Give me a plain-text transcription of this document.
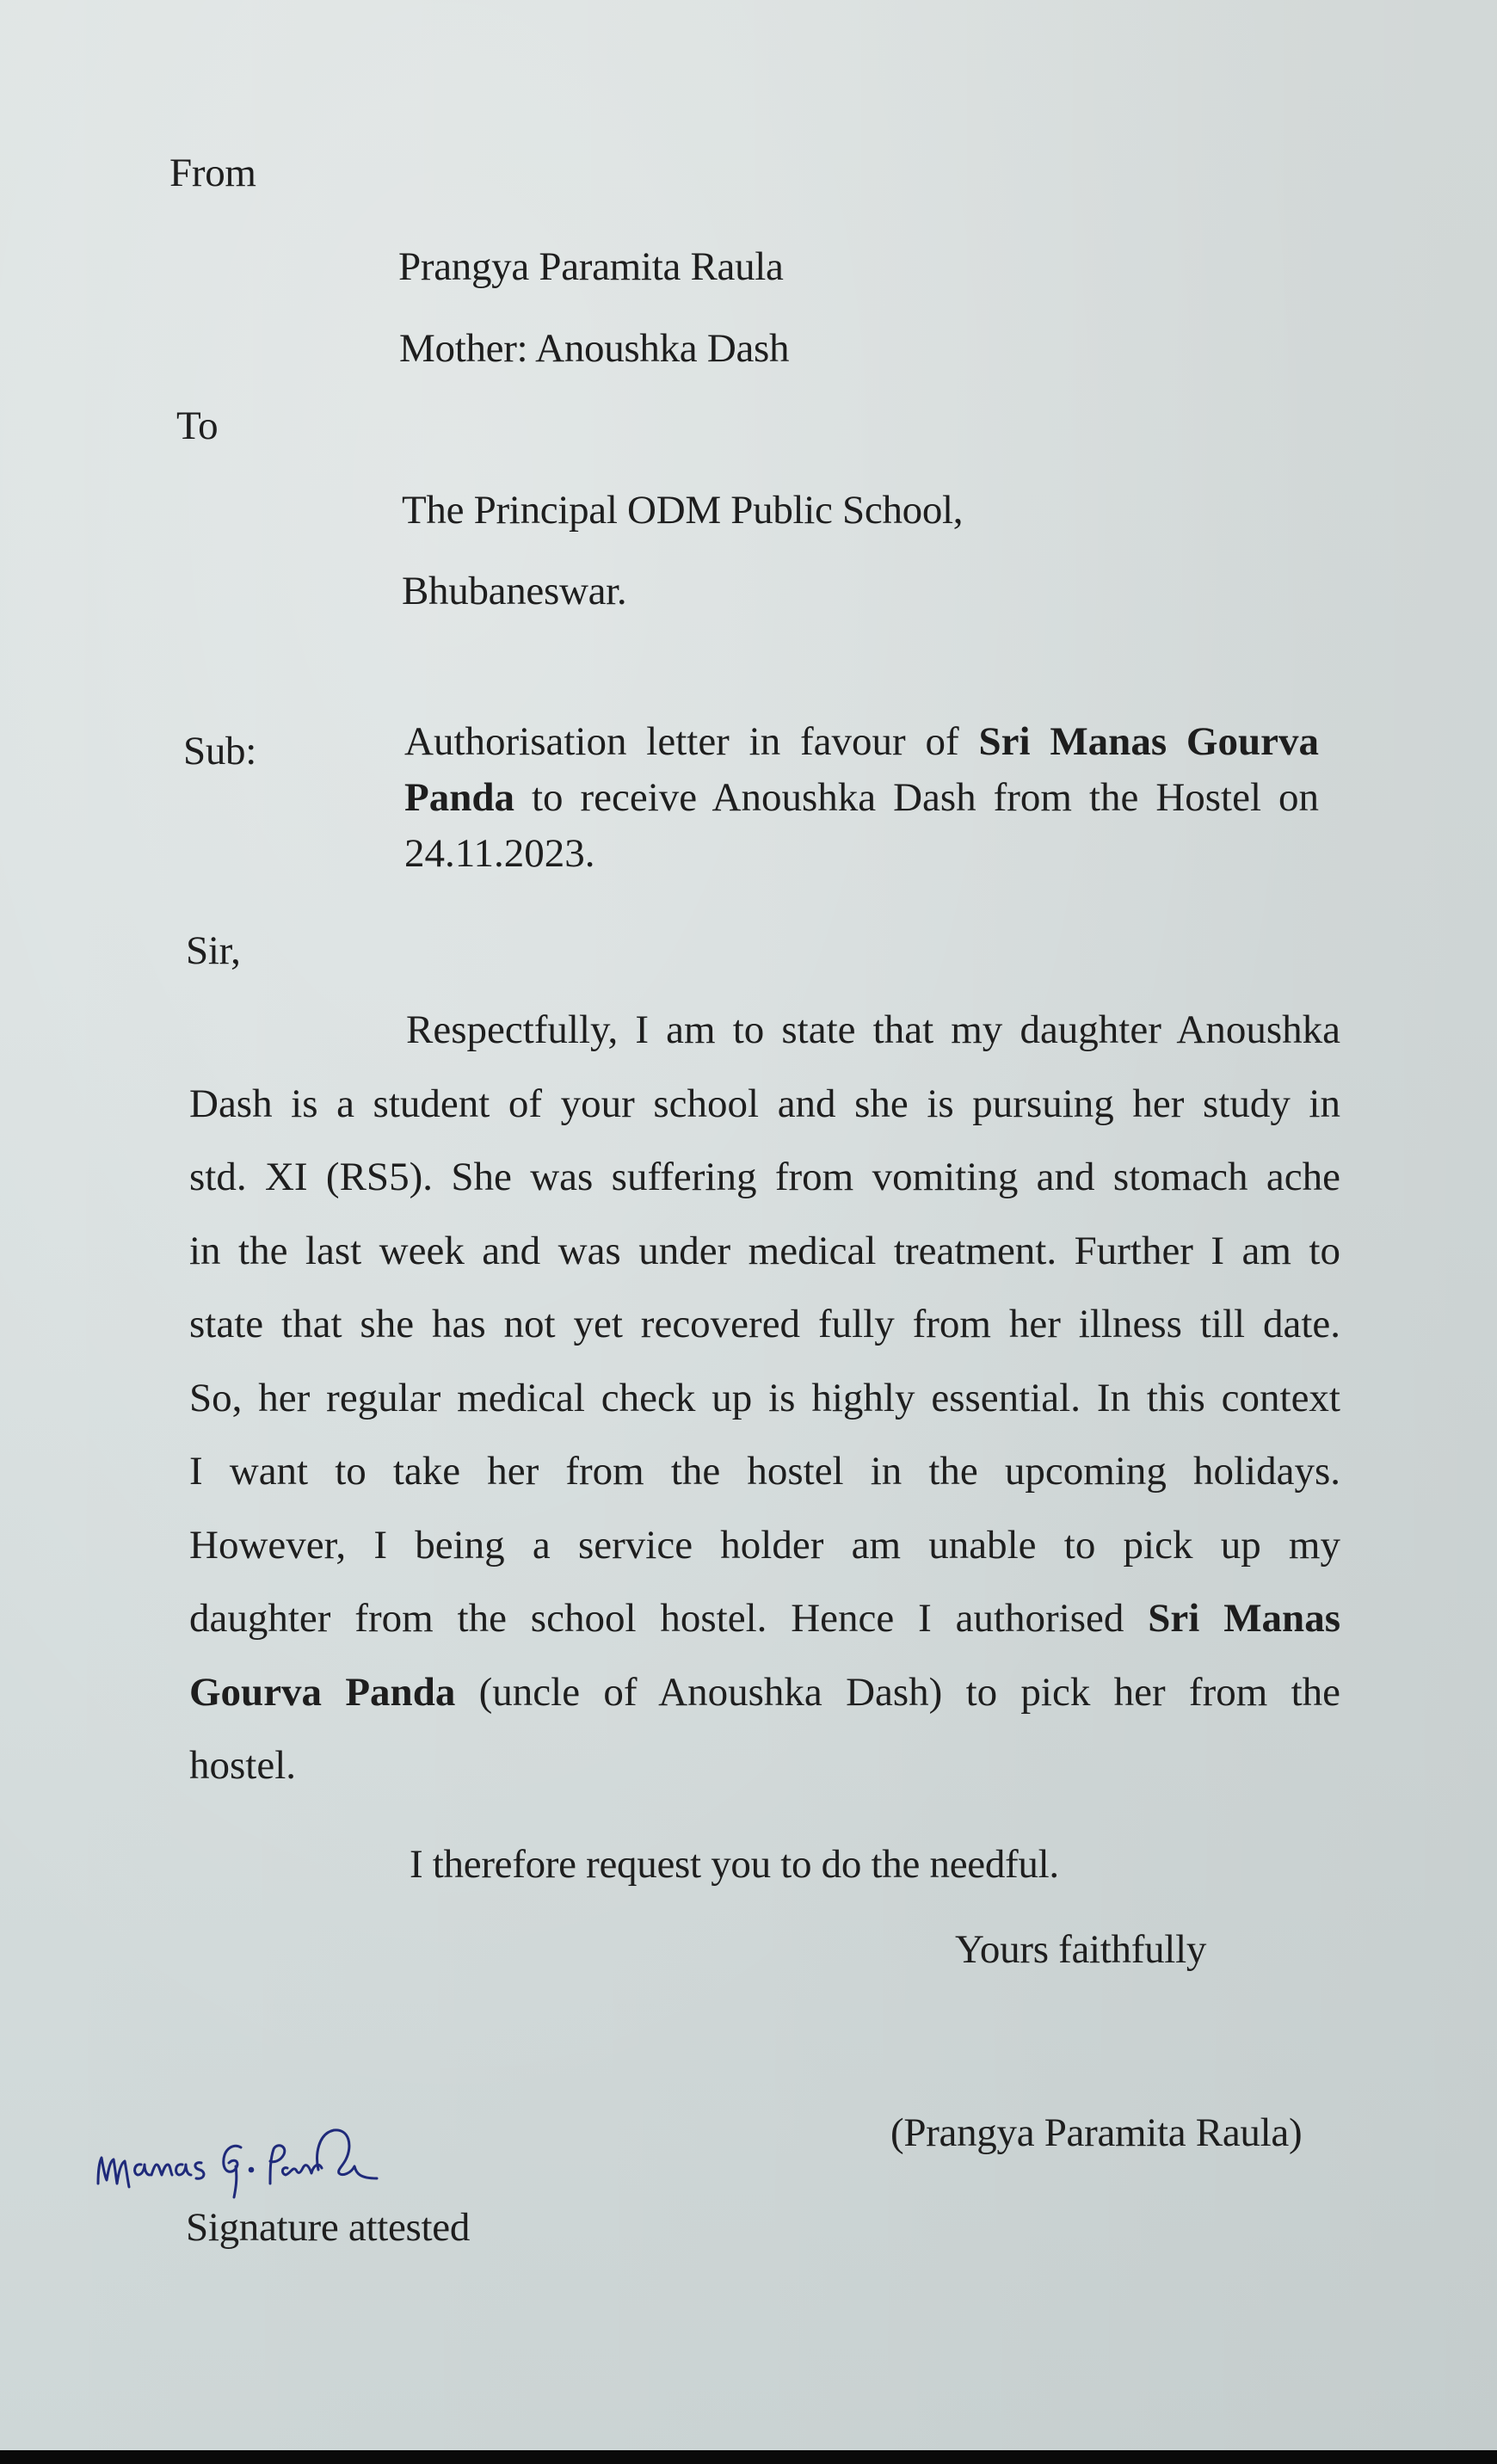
From
Prangya Paramita Raula
Mother: Anoushka Dash
To
The Principal ODM Public School,
Bhubaneswar.
Sub:	Authorisation letter in favour of Sri Manas Gourva
Panda to receive Anoushka Dash from the Hostel on
24.11.2023.
Sir,
Respectfully, I am to state that my daughter Anoushka
Dash is a student of your school and she is pursuing her study in
std. XI (RS5). She was suffering from vomiting and stomach ache
in the last week and was under medical treatment. Further I am to
state that she has not yet recovered fully from her illness till date.
So, her regular medical check up is highly essential. In this context
I want to take her from the hostel in the upcoming holidays.
However, I being a service holder am unable to pick up my
daughter from the school hostel. Hence I authorised Sri Manas
Gourva Panda (uncle of Anoushka Dash) to pick her from the
hostel.
I therefore request you to do the needful.
Yours faithfully
(Prangya Paramita Raula)
Signature attested
